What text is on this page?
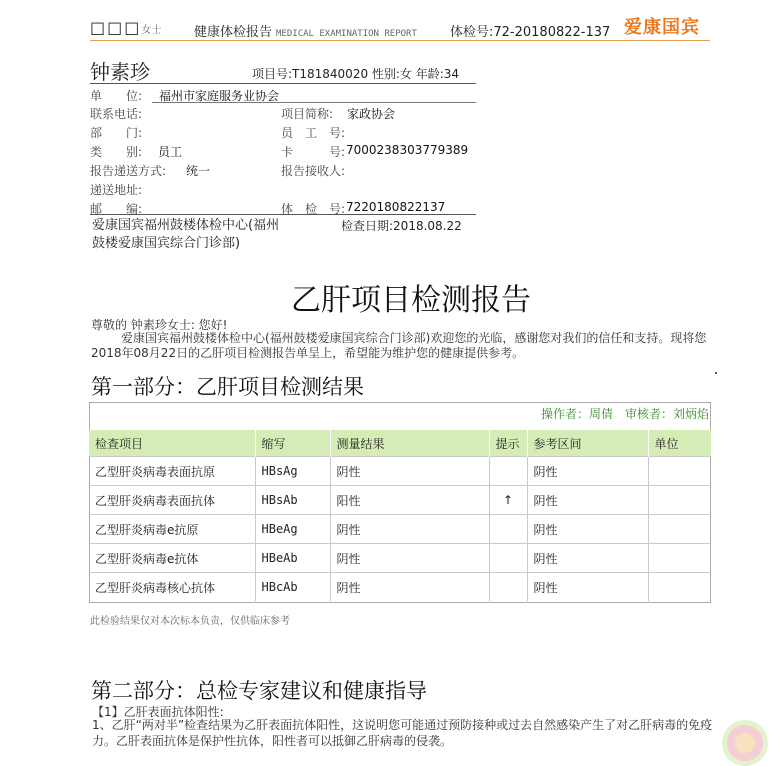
□□□女士	健康体检报告 MEDICAL EXAMINATION REPORT	体检号:72-20180822-137 爱康国宾
钟素珍	项目号:T181840020 性别:女 年龄:34
单　　位: 福州市家庭服务业协会
联系电话:	项目简称: 家政协会
部　　门:	员　工　号:
类　　别: 员工	卡　　　号: 7000238303779389
报告递送方式: 统一	报告接收人:
递送地址:
邮　　编:	体　检　号: 7220180822137
爱康国宾福州鼓楼体检中心(福州鼓楼爱康国宾综合门诊部)
检查日期:2018.08.22
乙肝项目检测报告
尊敬的 钟素珍女士: 您好!
爱康国宾福州鼓楼体检中心(福州鼓楼爱康国宾综合门诊部)欢迎您的光临，感谢您对我们的信任和支持。现将您2018年08月22日的乙肝项目检测报告单呈上，希望能为维护您的健康提供参考。
第一部分：乙肝项目检测结果
操作者：周倩 审核者：刘炳焰
检查项目	缩写	测量结果	提示	参考区间	单位
乙型肝炎病毒表面抗原	HBsAg	阴性		阴性	
乙型肝炎病毒表面抗体	HBsAb	阳性	↑	阴性	
乙型肝炎病毒e抗原	HBeAg	阴性		阴性	
乙型肝炎病毒e抗体	HBeAb	阴性		阴性	
乙型肝炎病毒核心抗体	HBcAb	阴性		阴性	
此检验结果仅对本次标本负责，仅供临床参考
第二部分：总检专家建议和健康指导
【1】乙肝表面抗体阳性:
1、乙肝“两对半”检查结果为乙肝表面抗体阳性，这说明您可能通过预防接种或过去自然感染产生了对乙肝病毒的免疫力。乙肝表面抗体是保护性抗体，阳性者可以抵御乙肝病毒的侵袭。
